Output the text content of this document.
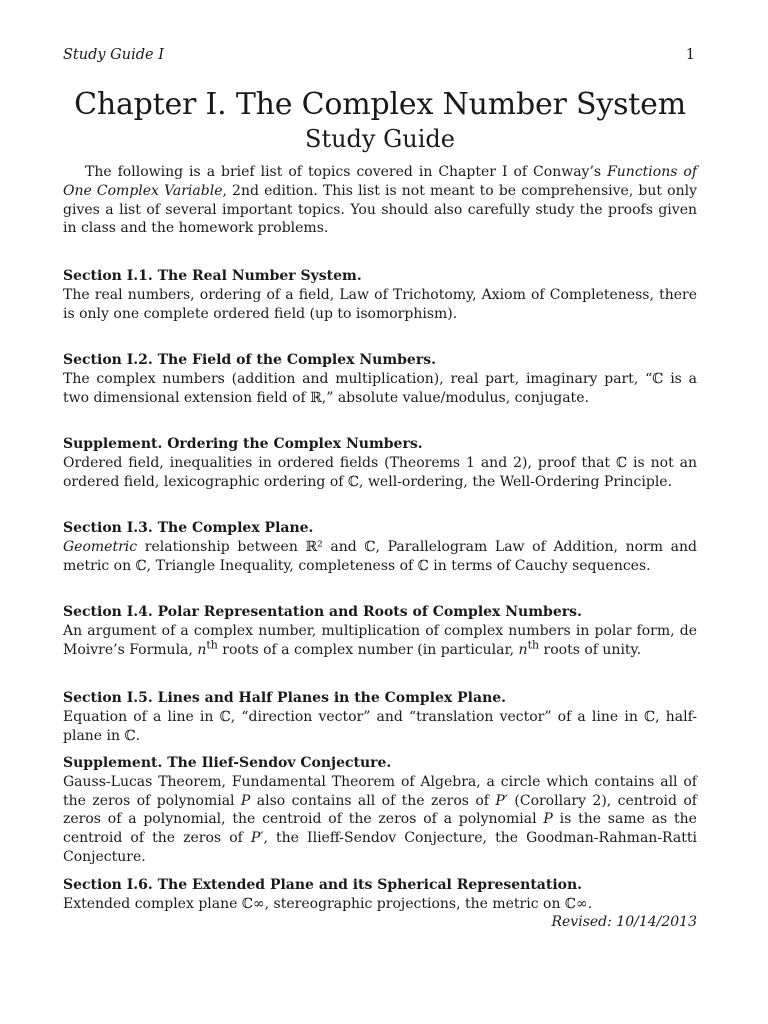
Study Guide I	1
Chapter I. The Complex Number System
Study Guide

The following is a brief list of topics covered in Chapter I of Conway’s Functions of One Complex Variable, 2nd edition. This list is not meant to be comprehensive, but only gives a list of several important topics. You should also carefully study the proofs given in class and the homework problems.

Section I.1. The Real Number System.
The real numbers, ordering of a field, Law of Trichotomy, Axiom of Completeness, there is only one complete ordered field (up to isomorphism).
Section I.2. The Field of the Complex Numbers.
The complex numbers (addition and multiplication), real part, imaginary part, “ℂ is a two dimensional extension field of ℝ,” absolute value/modulus, conjugate.
Supplement. Ordering the Complex Numbers.
Ordered field, inequalities in ordered fields (Theorems 1 and 2), proof that ℂ is not an ordered field, lexicographic ordering of ℂ, well-ordering, the Well-Ordering Principle.
Section I.3. The Complex Plane.
Geometric relationship between ℝ² and ℂ, Parallelogram Law of Addition, norm and metric on ℂ, Triangle Inequality, completeness of ℂ in terms of Cauchy sequences.
Section I.4. Polar Representation and Roots of Complex Numbers.
An argument of a complex number, multiplication of complex numbers in polar form, de Moivre’s Formula, $n^{th}$ roots of a complex number (in particular, $n^{th}$ roots of unity.
Section I.5. Lines and Half Planes in the Complex Plane.
Equation of a line in ℂ, “direction vector” and “translation vector” of a line in ℂ, half-plane in ℂ.
Supplement. The Ilief-Sendov Conjecture.
Gauss-Lucas Theorem, Fundamental Theorem of Algebra, a circle which contains all of the zeros of polynomial P also contains all of the zeros of P′ (Corollary 2), centroid of zeros of a polynomial, the centroid of the zeros of a polynomial P is the same as the centroid of the zeros of P′, the Ilieff-Sendov Conjecture, the Goodman-Rahman-Ratti Conjecture.
Section I.6. The Extended Plane and its Spherical Representation.
Extended complex plane ℂ∞, stereographic projections, the metric on ℂ∞.
Revised: 10/14/2013
